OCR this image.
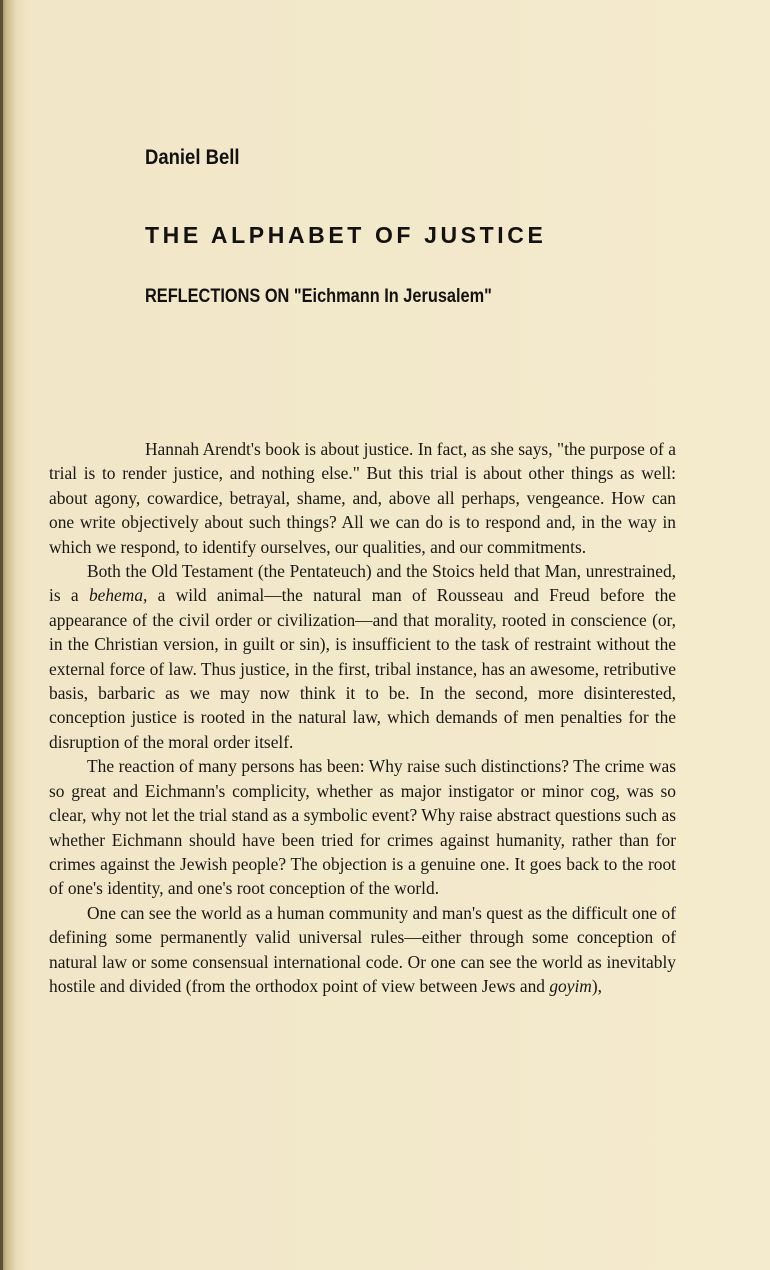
Daniel Bell
THE ALPHABET OF JUSTICE
REFLECTIONS ON "Eichmann In Jerusalem"

Hannah Arendt's book is about justice. In fact, as she says, "the purpose of a trial is to render justice, and nothing else." But this trial is about other things as well: about agony, cowardice, betrayal, shame, and, above all perhaps, vengeance. How can one write objectively about such things? All we can do is to respond and, in the way in which we respond, to identify ourselves, our qualities, and our commitments.

Both the Old Testament (the Pentateuch) and the Stoics held that Man, unrestrained, is a behema, a wild animal—the natural man of Rousseau and Freud before the appearance of the civil order or civilization—and that morality, rooted in conscience (or, in the Christian version, in guilt or sin), is insufficient to the task of restraint without the external force of law. Thus justice, in the first, tribal instance, has an awesome, retributive basis, barbaric as we may now think it to be. In the second, more disinterested, conception justice is rooted in the natural law, which demands of men penalties for the disruption of the moral order itself.

The reaction of many persons has been: Why raise such distinctions? The crime was so great and Eichmann's complicity, whether as major instigator or minor cog, was so clear, why not let the trial stand as a symbolic event? Why raise abstract questions such as whether Eichmann should have been tried for crimes against humanity, rather than for crimes against the Jewish people? The objection is a genuine one. It goes back to the root of one's identity, and one's root conception of the world.

One can see the world as a human community and man's quest as the difficult one of defining some permanently valid universal rules—either through some conception of natural law or some consensual international code. Or one can see the world as inevitably hostile and divided (from the orthodox point of view between Jews and goyim),
